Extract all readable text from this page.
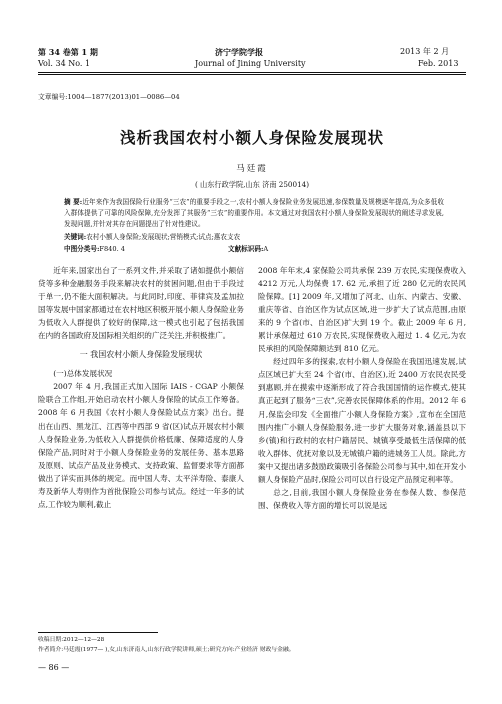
第 34 卷第 1 期	济宁学院学报	2013 年 2 月
Vol. 34 No. 1	Journal of Jining University	Feb. 2013
文章编号:1004—1877(2013)01—0086—04
浅析我国农村小额人身保险发展现状
马廷霞
( 山东行政学院,山东 济南 250014)
摘 要:近年来作为我国保险行业服务“三农”的重要手段之一,农村小额人身保险业务发展迅速,参保数量及规模逐年提高,为众多低收入群体提供了可靠的风险保障,充分发挥了其服务“三农”的重要作用。本文通过对我国农村小额人身保险发展现状的阐述寻求发展,发现问题,并针对其存在问题提出了针对性建议。
关键词:农村小额人身保险;发展现状;营销模式;试点;惠农支农
中图分类号:F840. 4	文献标识码:A

近年来,国家出台了一系列文件,并采取了诸如提供小额信贷等多种金融服务手段来解决农村的贫困问题,但由于手段过于单一,仍不能大面积解决。与此同时,印度、菲律宾及孟加拉国等发展中国家都通过在农村地区积极开展小额人身保险业务为低收入人群提供了较好的保障,这一模式也引起了包括我国在内的各国政府及国际相关组织的广泛关注,并积极推广。

一 我国农村小额人身保险发展现状

(一)总体发展状况

2007 年 4 月,我国正式加入国际 IAIS - CGAP 小额保险联合工作组,开始启动农村小额人身保险的试点工作筹备。2008 年 6 月我国《农村小额人身保险试点方案》出台。提出在山西、黑龙江、江西等中西部 9 省(区)试点开展农村小额人身保险业务,为低收入人群提供价格低廉、保障适度的人身保险产品,同时对于小额人身保险业务的发展任务、基本思路及原则、试点产品及业务模式、支持政策、监督要求等方面都做出了详实而具体的规定。而中国人寿、太平洋寿险、泰康人寿及新华人寿则作为首批保险公司参与试点。经过一年多的试点,工作较为顺利,截止

2008 年年末,4 家保险公司共承保 239 万农民,实现保费收入 4212 万元,人均保费 17. 62 元,承担了近 280 亿元的农民风险保障。[1] 2009 年,又增加了河北、山东、内蒙古、安徽、重庆等省、自治区作为试点区域,进一步扩大了试点范围,由原来的 9 个省(市、自治区)扩大到 19 个。截止 2009 年 6 月,累计承保超过 610 万农民,实现保费收入超过 1. 4 亿元,为农民承担的风险保障额达到 810 亿元。

经过四年多的探索,农村小额人身保险在我国迅速发展,试点区域已扩大至 24 个省(市、自治区),近 2400 万农民农民受到惠顾,并在摸索中逐渐形成了符合我国国情的运作模式,使其真正起到了服务“三农”,完善农民保障体系的作用。2012 年 6 月,保监会印发《全面推广小额人身保险方案》,宣布在全国范围内推广小额人身保险服务,进一步扩大服务对象,涵盖县以下乡(镇)和行政村的农村户籍居民、城镇享受最低生活保障的低收入群体、优抚对象以及无城镇户籍的进城务工人员。除此,方案中又提出诸多鼓励政策吸引各保险公司参与其中,如在开发小额人身保险产品时,保险公司可以自行设定产品预定利率等。

总之,目前,我国小额人身保险业务在参保人数、参保范围、保费收入等方面的增长可以说是远

收稿日期:2012—12—28
作者简介:马廷霞(1977— ),女,山东济南人,山东行政学院讲师,硕士;研究方向:产业经济 财政与金融。
— 86 —
